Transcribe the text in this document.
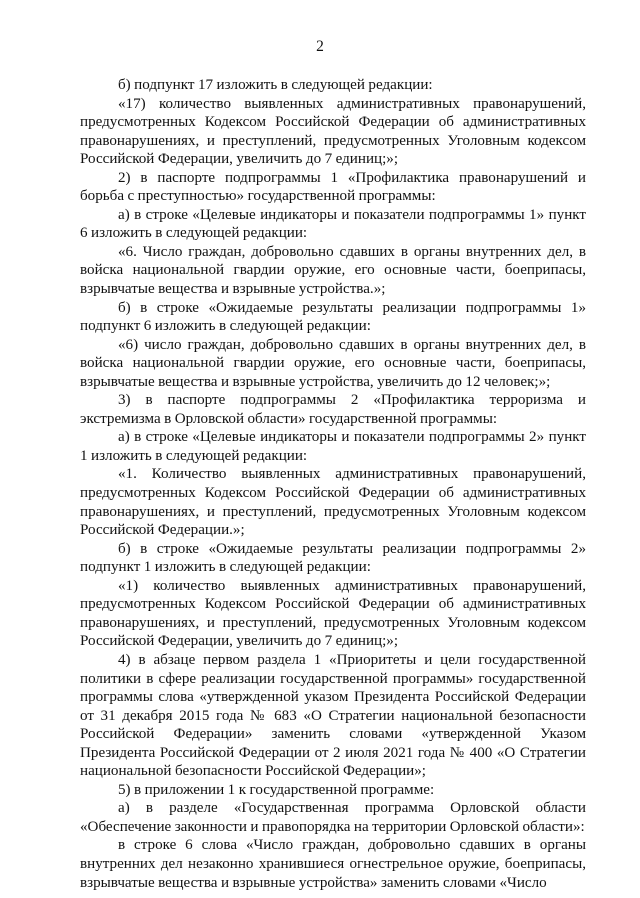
2

б) подпункт 17 изложить в следующей редакции:

«17) количество выявленных административных правонарушений, предусмотренных Кодексом Российской Федерации об административных правонарушениях, и преступлений, предусмотренных Уголовным кодексом Российской Федерации, увеличить до 7 единиц;»;

2) в паспорте подпрограммы 1 «Профилактика правонарушений и борьба с преступностью» государственной программы:

а) в строке «Целевые индикаторы и показатели подпрограммы 1» пункт 6 изложить в следующей редакции:

«6. Число граждан, добровольно сдавших в органы внутренних дел, в войска национальной гвардии оружие, его основные части, боеприпасы, взрывчатые вещества и взрывные устройства.»;

б) в строке «Ожидаемые результаты реализации подпрограммы 1» подпункт 6 изложить в следующей редакции:

«6) число граждан, добровольно сдавших в органы внутренних дел, в войска национальной гвардии оружие, его основные части, боеприпасы, взрывчатые вещества и взрывные устройства, увеличить до 12 человек;»;

3) в паспорте подпрограммы 2 «Профилактика терроризма и экстремизма в Орловской области» государственной программы:

а) в строке «Целевые индикаторы и показатели подпрограммы 2» пункт 1 изложить в следующей редакции:

«1. Количество выявленных административных правонарушений, предусмотренных Кодексом Российской Федерации об административных правонарушениях, и преступлений, предусмотренных Уголовным кодексом Российской Федерации.»;

б) в строке «Ожидаемые результаты реализации подпрограммы 2» подпункт 1 изложить в следующей редакции:

«1) количество выявленных административных правонарушений, предусмотренных Кодексом Российской Федерации об административных правонарушениях, и преступлений, предусмотренных Уголовным кодексом Российской Федерации, увеличить до 7 единиц;»;

4) в абзаце первом раздела 1 «Приоритеты и цели государственной политики в сфере реализации государственной программы» государственной программы слова «утвержденной указом Президента Российской Федерации от 31 декабря 2015 года № 683 «О Стратегии национальной безопасности Российской Федерации» заменить словами «утвержденной Указом Президента Российской Федерации от 2 июля 2021 года № 400 «О Стратегии национальной безопасности Российской Федерации»;

5) в приложении 1 к государственной программе:

а) в разделе «Государственная программа Орловской области «Обеспечение законности и правопорядка на территории Орловской области»:

в строке 6 слова «Число граждан, добровольно сдавших в органы внутренних дел незаконно хранившиеся огнестрельное оружие, боеприпасы, взрывчатые вещества и взрывные устройства» заменить словами «Число
